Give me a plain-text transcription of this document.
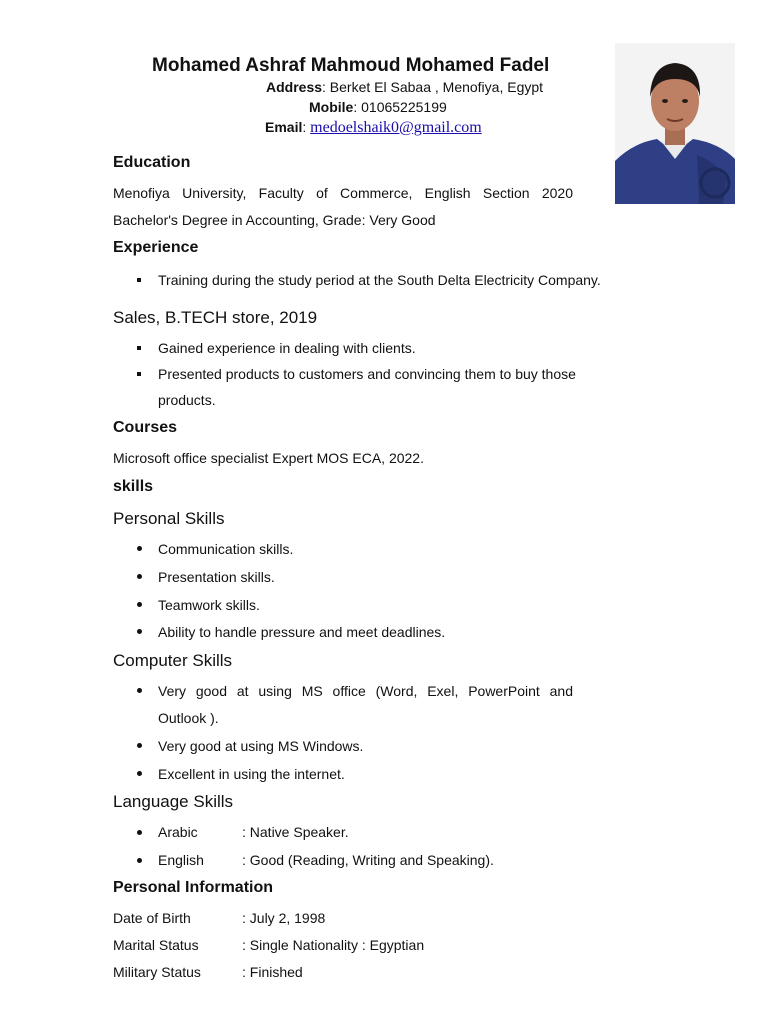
Mohamed Ashraf Mahmoud Mohamed Fadel
Address: Berket El Sabaa , Menofiya, Egypt
Mobile: 01065225199
Email: medoelshaik0@gmail.com
Education
Menofiya University, Faculty of Commerce, English Section 2020
Bachelor's Degree in Accounting, Grade: Very Good
Experience
Training during the study period at the South Delta Electricity Company.
Sales, B.TECH store, 2019
Gained experience in dealing with clients.
Presented products to customers and convincing them to buy those
products.
Courses
Microsoft office specialist Expert MOS ECA, 2022.
skills
Personal Skills
Communication skills.
Presentation skills.
Teamwork skills.
Ability to handle pressure and meet deadlines.
Computer Skills
Very good at using MS office (Word, Exel, PowerPoint and
Outlook ).
Very good at using MS Windows.
Excellent in using the internet.
Language Skills
Arabic	: Native Speaker.
English	: Good (Reading, Writing and Speaking).
Personal Information
Date of Birth	: July 2, 1998
Marital Status	: Single Nationality : Egyptian
Military Status	: Finished
